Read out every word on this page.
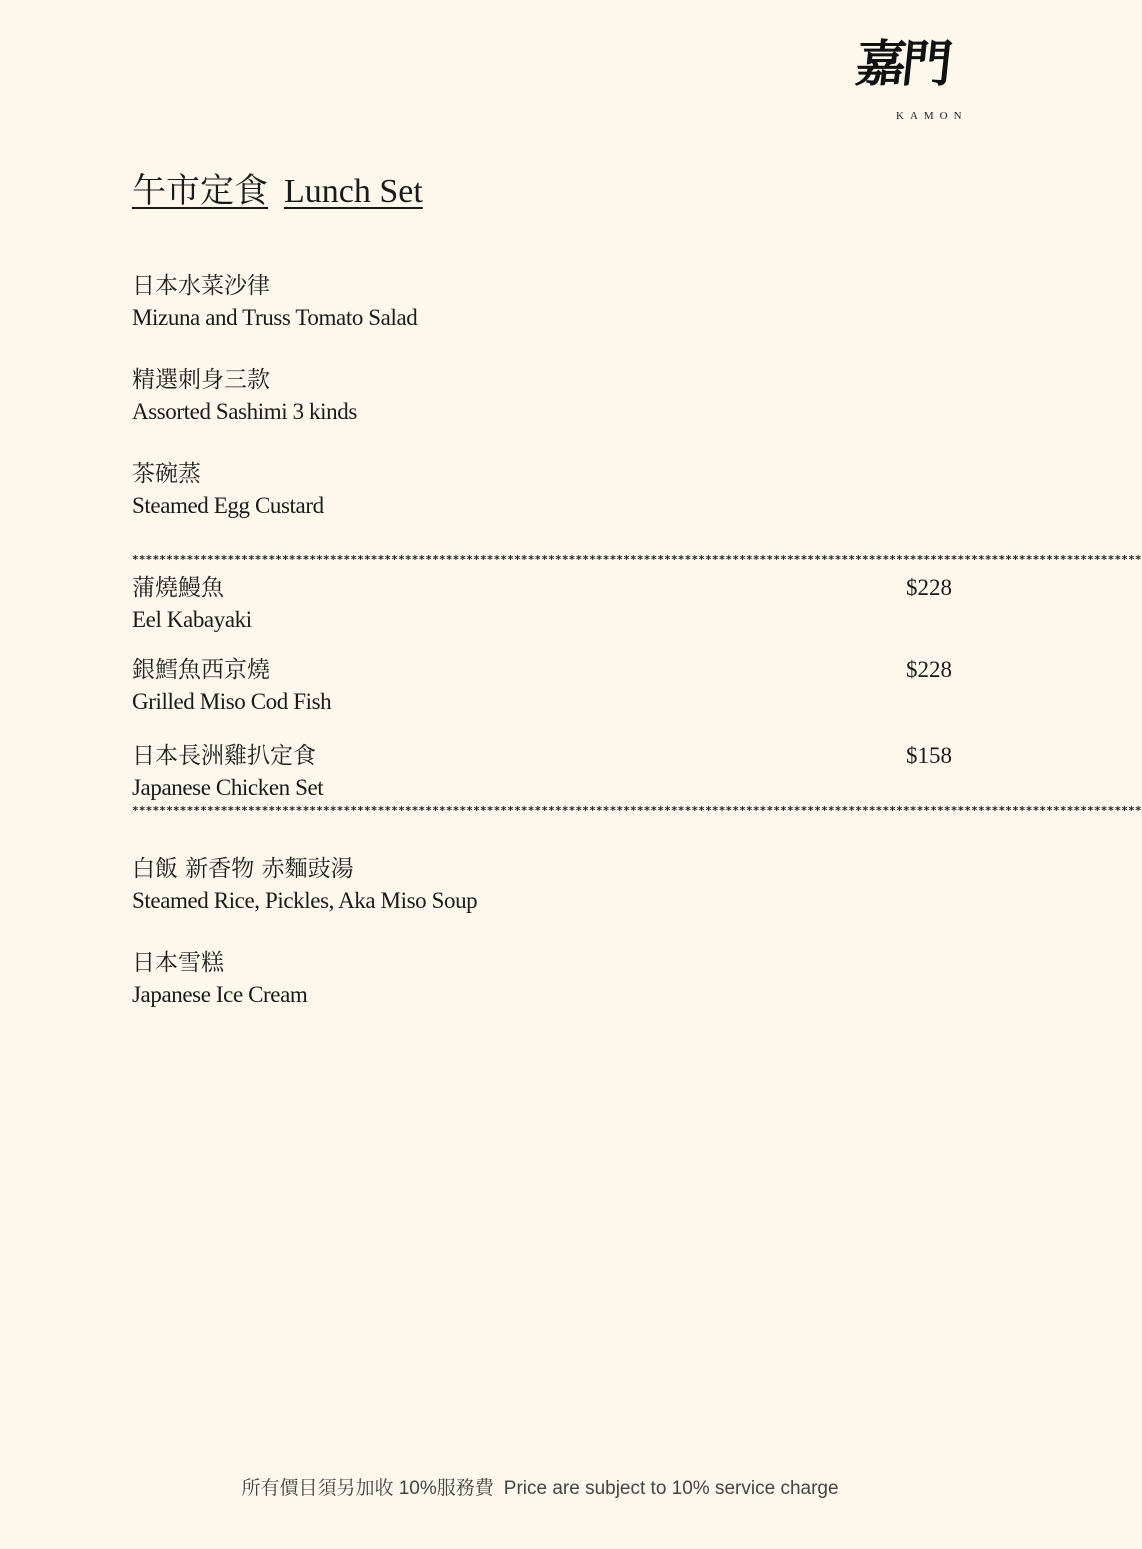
嘉門
KAMON
午市定食 Lunch Set
日本水菜沙律
Mizuna and Truss Tomato Salad
精選刺身三款
Assorted Sashimi 3 kinds
茶碗蒸
Steamed Egg Custard
****************************************************************************************************************************************************
蒲燒鰻魚
Eel Kabayaki
$228
銀鱈魚西京燒
Grilled Miso Cod Fish
$228
日本長洲雞扒定食
Japanese Chicken Set
$158
****************************************************************************************************************************************************
白飯 新香物 赤麵豉湯
Steamed Rice, Pickles, Aka Miso Soup
日本雪糕
Japanese Ice Cream
所有價目須另加收 10%服務費 Price are subject to 10% service charge
